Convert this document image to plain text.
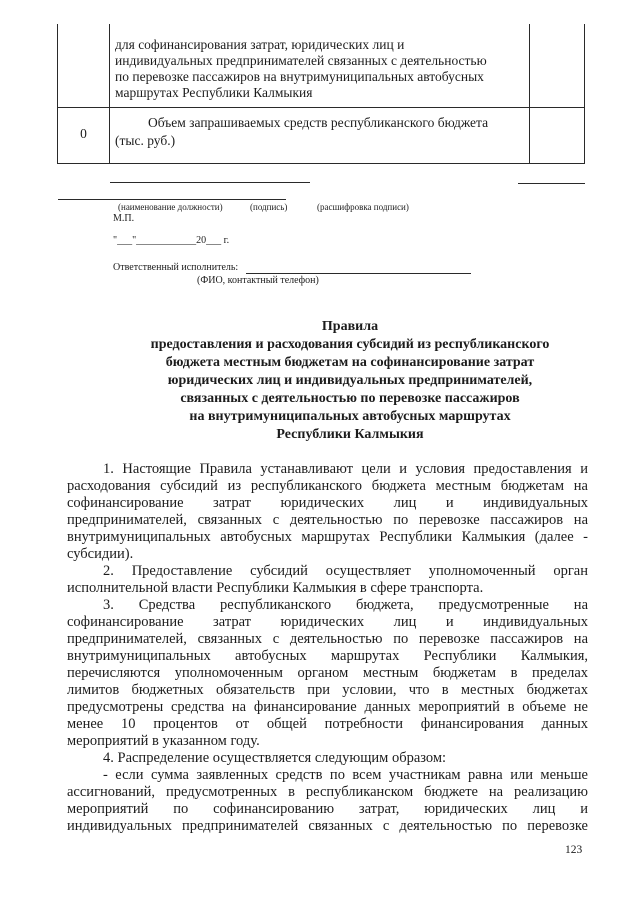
для софинансирования затрат, юридических лиц и
индивидуальных предпринимателей связанных с деятельностью
по перевозке пассажиров на внутримуниципальных автобусных
маршрутах Республики Калмыкия
0
Объем запрашиваемых средств республиканского бюджета
(тыс. руб.)
(наименование должности)	(подпись)	(расшифровка подписи)
М.П.
"___"____________20___ г.
Ответственный исполнитель:
(ФИО, контактный телефон)
Правила
предоставления и расходования субсидий из республиканского
бюджета местным бюджетам на софинансирование затрат
юридических лиц и индивидуальных предпринимателей,
связанных с деятельностью по перевозке пассажиров
на внутримуниципальных автобусных маршрутах
Республики Калмыкия
1. Настоящие Правила устанавливают цели и условия предоставления и
расходования субсидий из республиканского бюджета местным бюджетам на
софинансирование затрат юридических лиц и индивидуальных
предпринимателей, связанных с деятельностью по перевозке пассажиров на
внутримуниципальных автобусных маршрутах Республики Калмыкия (далее -
субсидии).
2. Предоставление субсидий осуществляет уполномоченный орган
исполнительной власти Республики Калмыкия в сфере транспорта.
3. Средства республиканского бюджета, предусмотренные на
софинансирование затрат юридических лиц и индивидуальных
предпринимателей, связанных с деятельностью по перевозке пассажиров на
внутримуниципальных автобусных маршрутах Республики Калмыкия,
перечисляются уполномоченным органом местным бюджетам в пределах
лимитов бюджетных обязательств при условии, что в местных бюджетах
предусмотрены средства на финансирование данных мероприятий в объеме не
менее 10 процентов от общей потребности финансирования данных
мероприятий в указанном году.
4. Распределение осуществляется следующим образом:
- если сумма заявленных средств по всем участникам равна или меньше
ассигнований, предусмотренных в республиканском бюджете на реализацию
мероприятий по софинансированию затрат, юридических лиц и
индивидуальных предпринимателей связанных с деятельностью по перевозке
123
